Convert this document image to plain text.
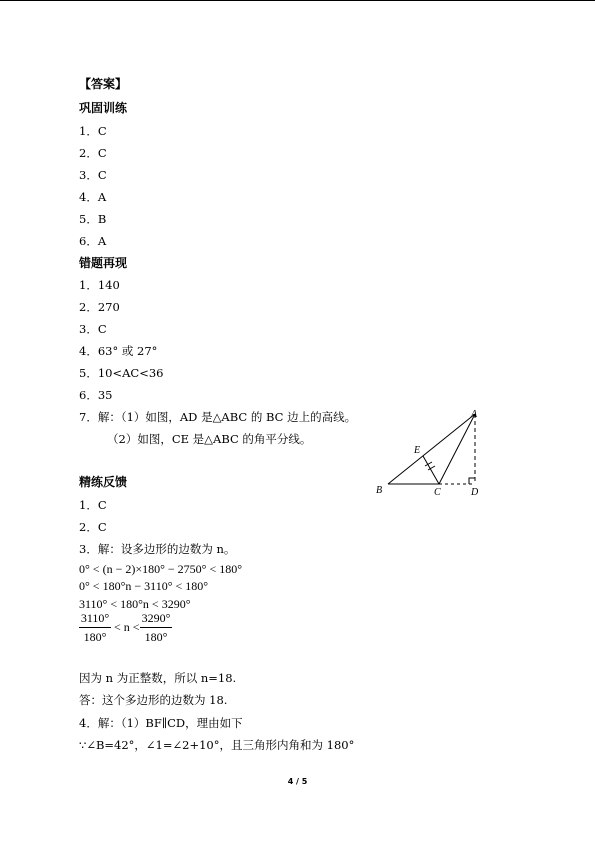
【答案】
巩固训练
1．C
2．C
3．C
4．A
5．B
6．A
错题再现
1．140
2．270
3．C
4．63° 或 27°
5．10<AC<36
6．35
7．解：（1）如图，AD 是△ABC 的 BC 边上的高线。
（2）如图，CE 是△ABC 的角平分线。
A
B	C	D
E
精练反馈
1．C
2．C
3．解：设多边形的边数为 n。
0° < (n − 2)×180° − 2750° < 180°
0° < 180°n − 3110° < 180°
3110° < 180°n < 3290°
3110°
180°
< n <
3290°
180°
因为 n 为正整数，所以 n=18.
答：这个多边形的边数为 18.
4．解：（1）BF∥CD，理由如下
∵∠B=42°，∠1=∠2+10°，且三角形内角和为 180°
4 / 5
